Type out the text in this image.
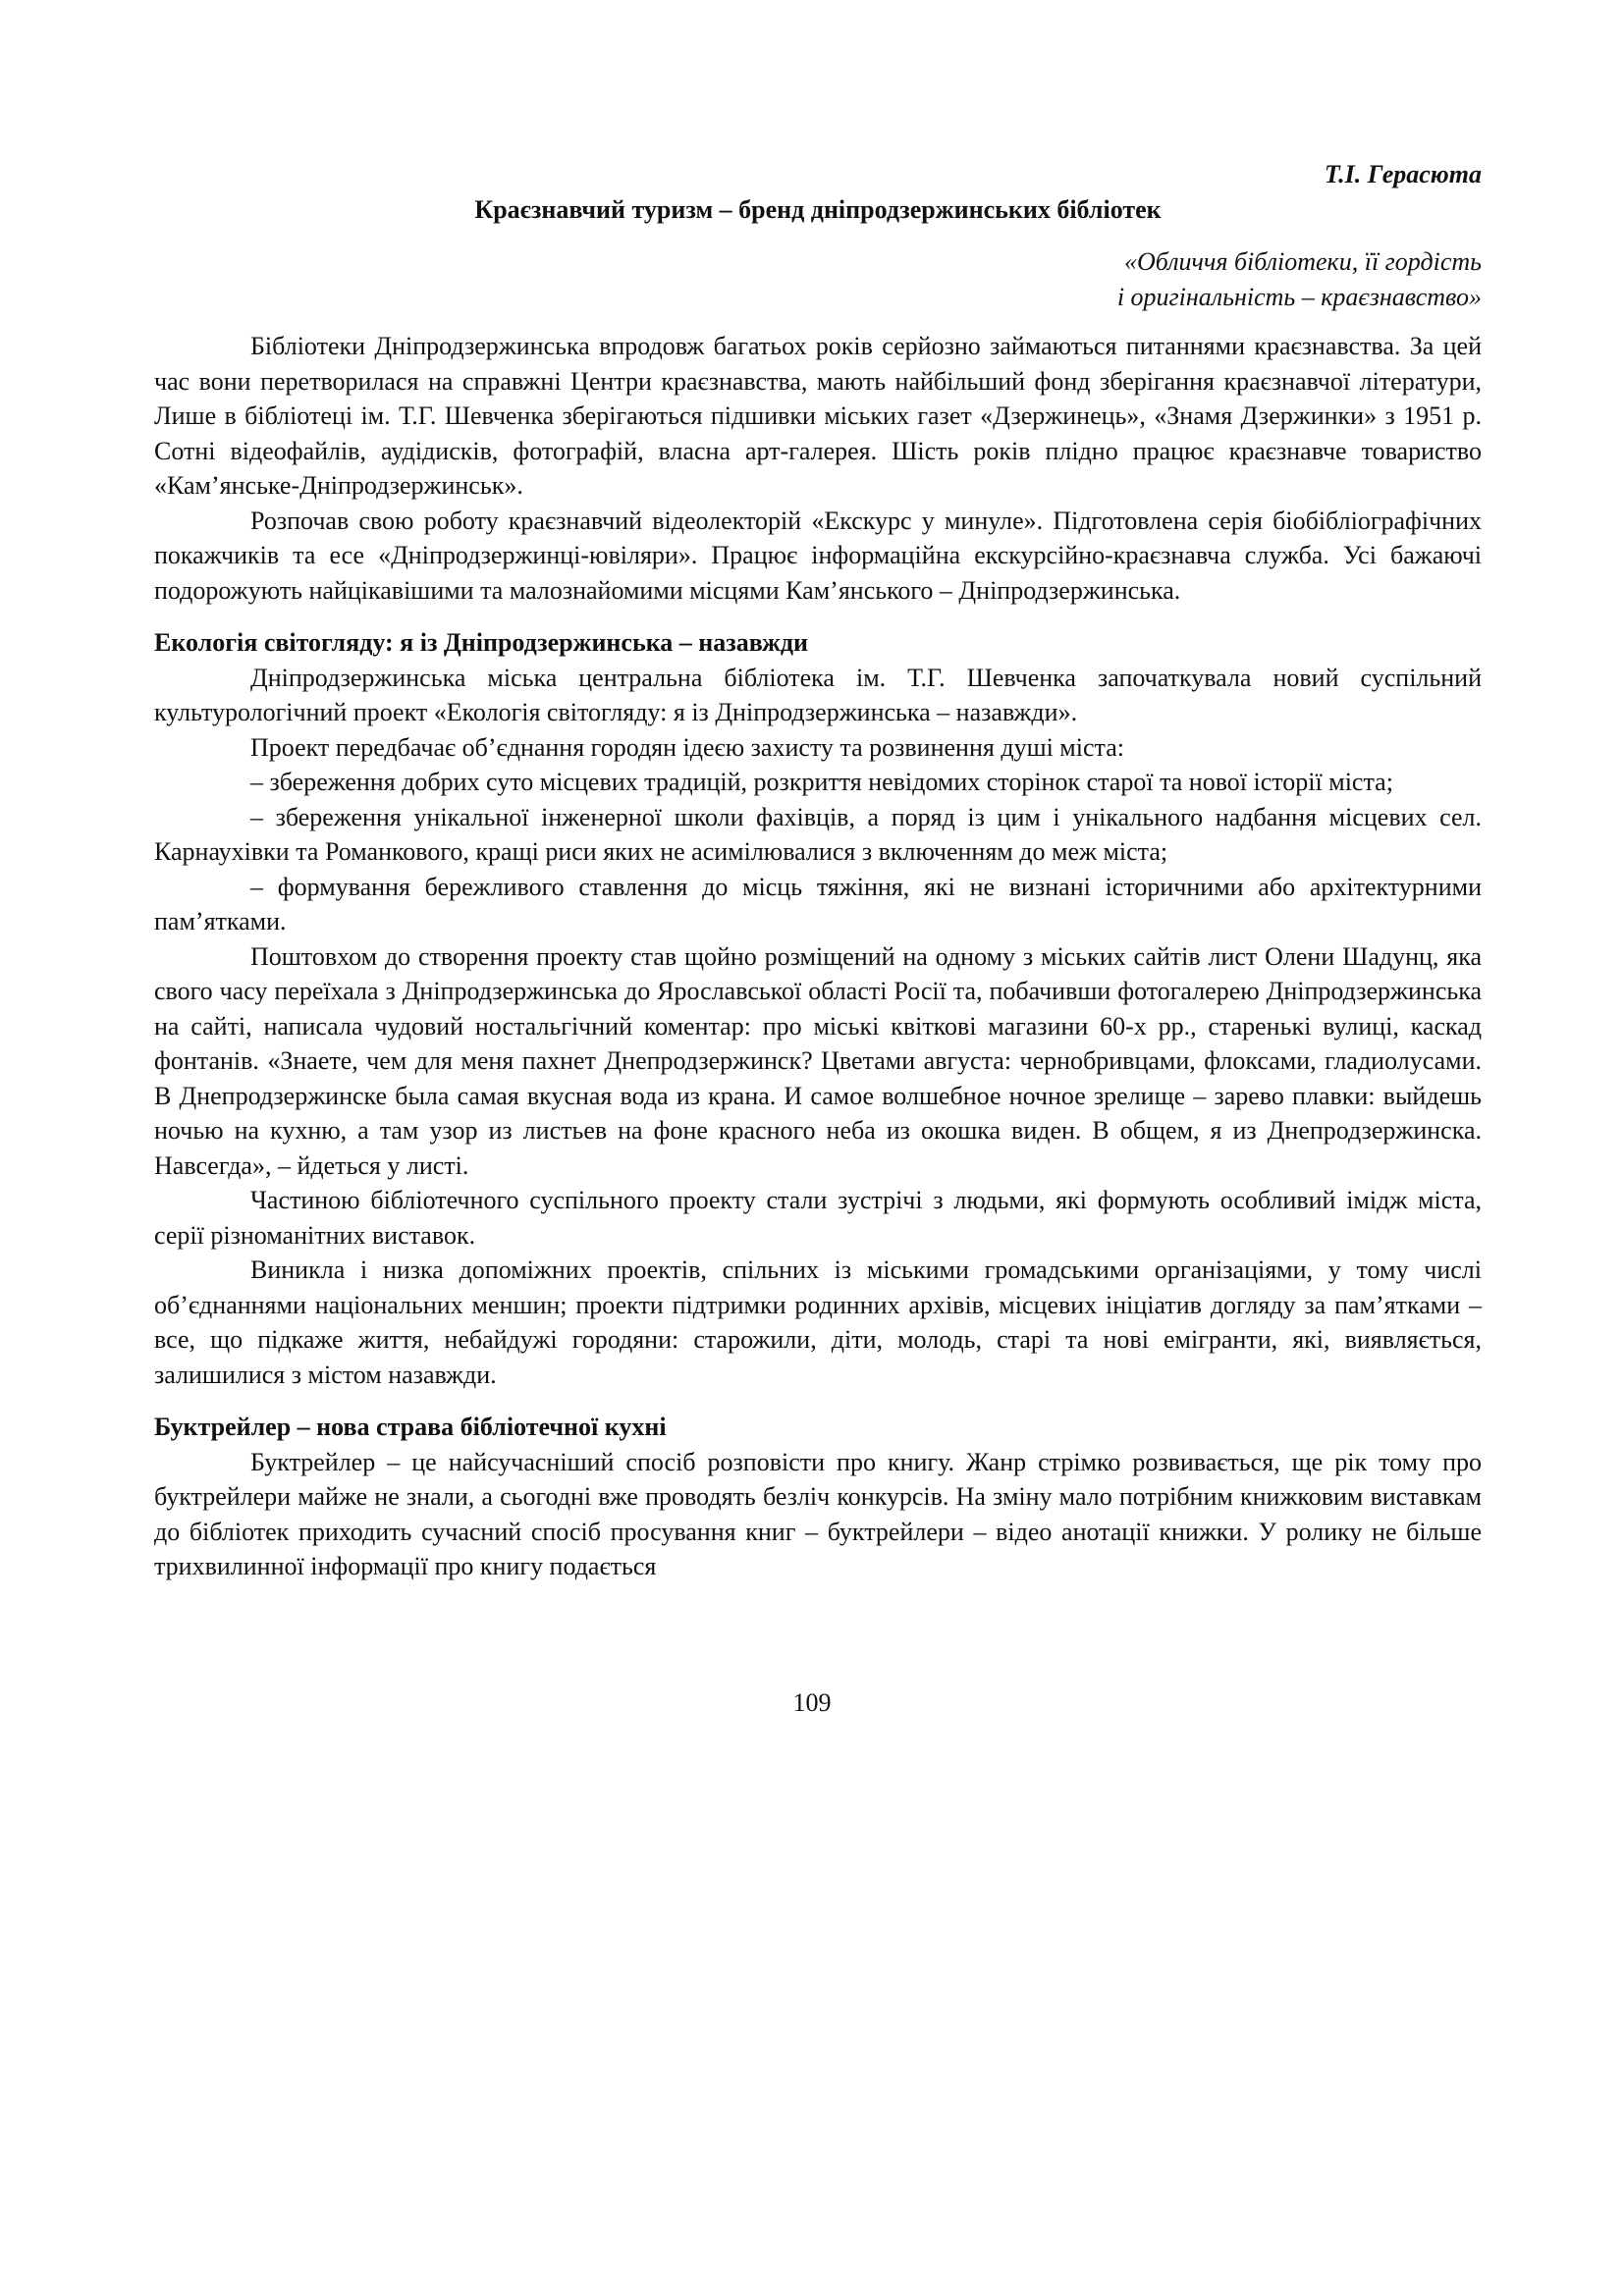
Т.І. Герасюта

Краєзнавчий туризм – бренд дніпродзержинських бібліотек

«Обличчя бібліотеки, її гордість
і оригінальність – краєзнавство»

Бібліотеки Дніпродзержинська впродовж багатьох років серйозно займаються питаннями краєзнавства. За цей час вони перетворилася на справжні Центри краєзнавства, мають найбільший фонд зберігання краєзнавчої літератури, Лише в бібліотеці ім. Т.Г. Шевченка зберігаються підшивки міських газет «Дзержинець», «Знамя Дзержинки» з 1951 р. Сотні відеофайлів, аудідисків, фотографій, власна арт-галерея. Шість років плідно працює краєзнавче товариство «Кам’янське-Дніпродзержинськ».

Розпочав свою роботу краєзнавчий відеолекторій «Екскурс у минуле». Підготовлена серія біобібліографічних покажчиків та есе «Дніпродзержинці-ювіляри». Працює інформаційна екскурсійно-краєзнавча служба. Усі бажаючі подорожують найцікавішими та малознайомими місцями Кам’янського – Дніпродзержинська.

Екологія світогляду: я із Дніпродзержинська – назавжди

Дніпродзержинська міська центральна бібліотека ім. Т.Г. Шевченка започаткувала новий суспільний культурологічний проект «Екологія світогляду: я із Дніпродзержинська – назавжди».

Проект передбачає об’єднання городян ідеєю захисту та розвинення душі міста:

– збереження добрих суто місцевих традицій, розкриття невідомих сторінок старої та нової історії міста;

– збереження унікальної інженерної школи фахівців, а поряд із цим і унікального надбання місцевих сел. Карнаухівки та Романкового, кращі риси яких не асимілювалися з включенням до меж міста;

– формування бережливого ставлення до місць тяжіння, які не визнані історичними або архітектурними пам’ятками.

Поштовхом до створення проекту став щойно розміщений на одному з міських сайтів лист Олени Шадунц, яка свого часу переїхала з Дніпродзержинська до Ярославської області Росії та, побачивши фотогалерею Дніпродзержинська на сайті, написала чудовий ностальгічний коментар: про міські квіткові магазини 60-х рр., старенькі вулиці, каскад фонтанів. «Знаете, чем для меня пахнет Днепродзержинск? Цветами августа: чернобривцами, флоксами, гладиолусами. В Днепродзержинске была самая вкусная вода из крана. И самое волшебное ночное зрелище – зарево плавки: выйдешь ночью на кухню, а там узор из листьев на фоне красного неба из окошка виден. В общем, я из Днепродзержинска. Навсегда», – йдеться у листі.

Частиною бібліотечного суспільного проекту стали зустрічі з людьми, які формують особливий імідж міста, серії різноманітних виставок.

Виникла і низка допоміжних проектів, спільних із міськими громадськими організаціями, у тому числі об’єднаннями національних меншин; проекти підтримки родинних архівів, місцевих ініціатив догляду за пам’ятками – все, що підкаже життя, небайдужі городяни: старожили, діти, молодь, старі та нові емігранти, які, виявляється, залишилися з містом назавжди.

Буктрейлер – нова страва бібліотечної кухні

Буктрейлер – це найсучасніший спосіб розповісти про книгу. Жанр стрімко розвивається, ще рік тому про буктрейлери майже не знали, а сьогодні вже проводять безліч конкурсів. На зміну мало потрібним книжковим виставкам до бібліотек приходить сучасний спосіб просування книг – буктрейлери – відео анотації книжки. У ролику не більше трихвилинної інформації про книгу подається

109
